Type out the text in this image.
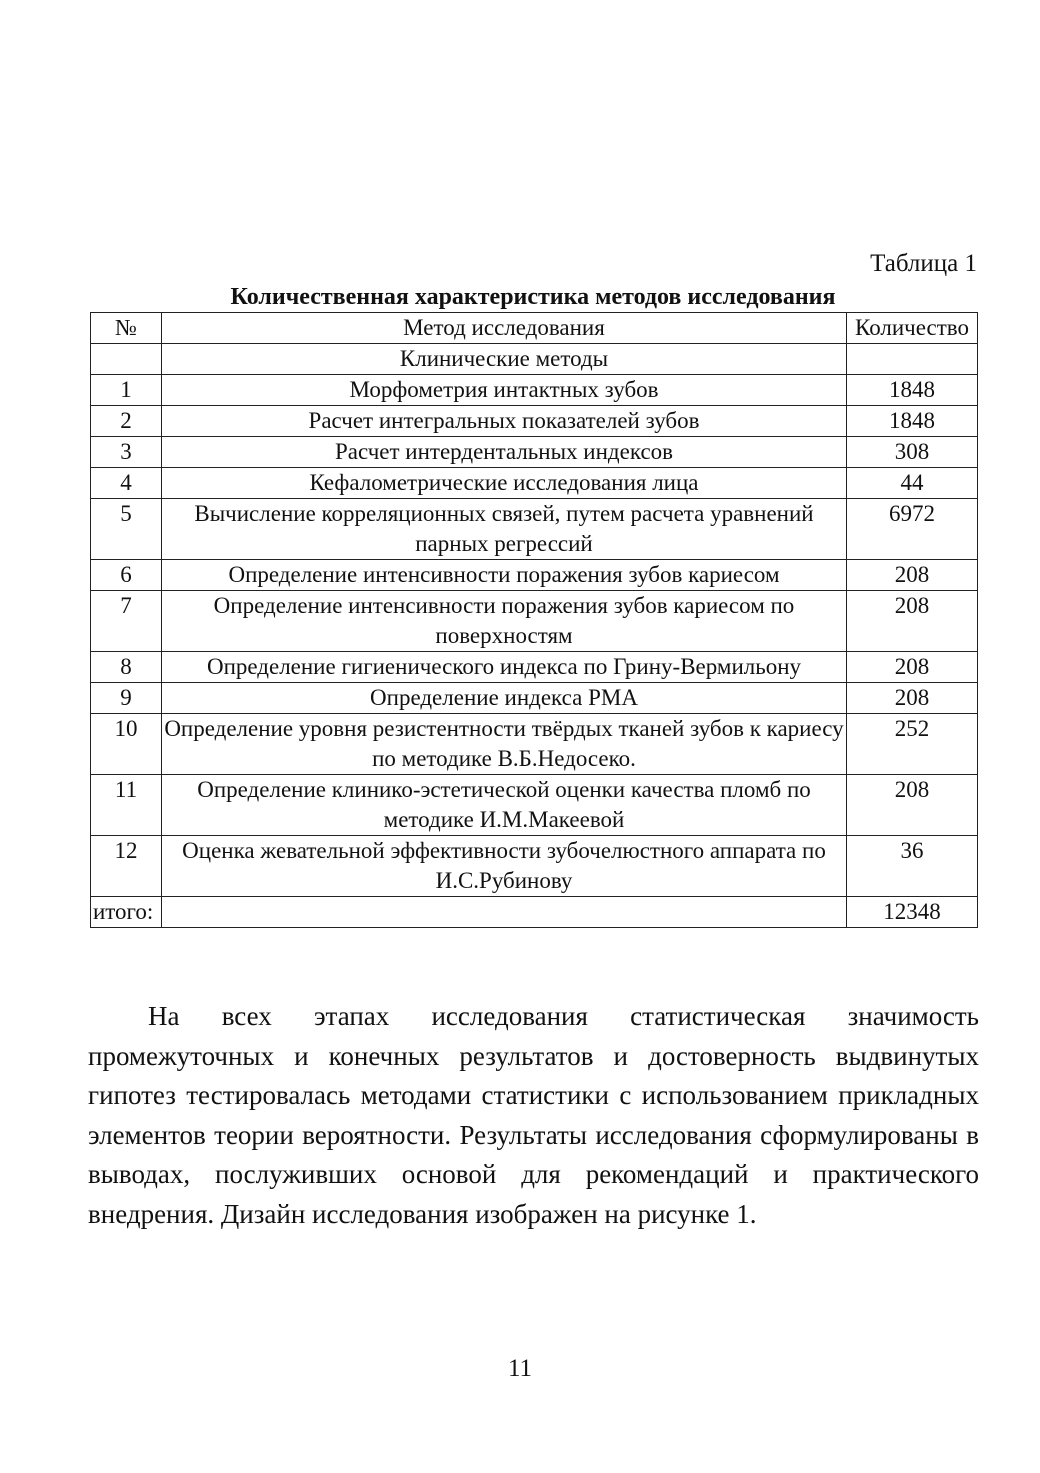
Таблица 1
Количественная характеристика методов исследования
№	Метод исследования	Количество
	Клинические методы	
1	Морфометрия интактных зубов	1848
2	Расчет интегральных показателей зубов	1848
3	Расчет интердентальных индексов	308
4	Кефалометрические исследования лица	44
5	Вычисление корреляционных связей, путем расчета уравнений парных регрессий	6972
6	Определение интенсивности поражения зубов кариесом	208
7	Определение интенсивности поражения зубов кариесом по поверхностям	208
8	Определение гигиенического индекса по Грину-Вермильону	208
9	Определение индекса РМА	208
10	Определение уровня резистентности твёрдых тканей зубов к кариесу по методике В.Б.Недосеко.	252
11	Определение клинико-эстетической оценки качества пломб по методике И.М.Макеевой	208
12	Оценка жевательной эффективности зубочелюстного аппарата по И.С.Рубинову	36
итого:		12348

На всех этапах исследования статистическая значимость промежуточных и конечных результатов и достоверность выдвинутых гипотез тестировалась методами статистики с использованием прикладных элементов теории вероятности. Результаты исследования сформулированы в выводах, послуживших основой для рекомендаций и практического внедрения. Дизайн исследования изображен на рисунке 1.

11
